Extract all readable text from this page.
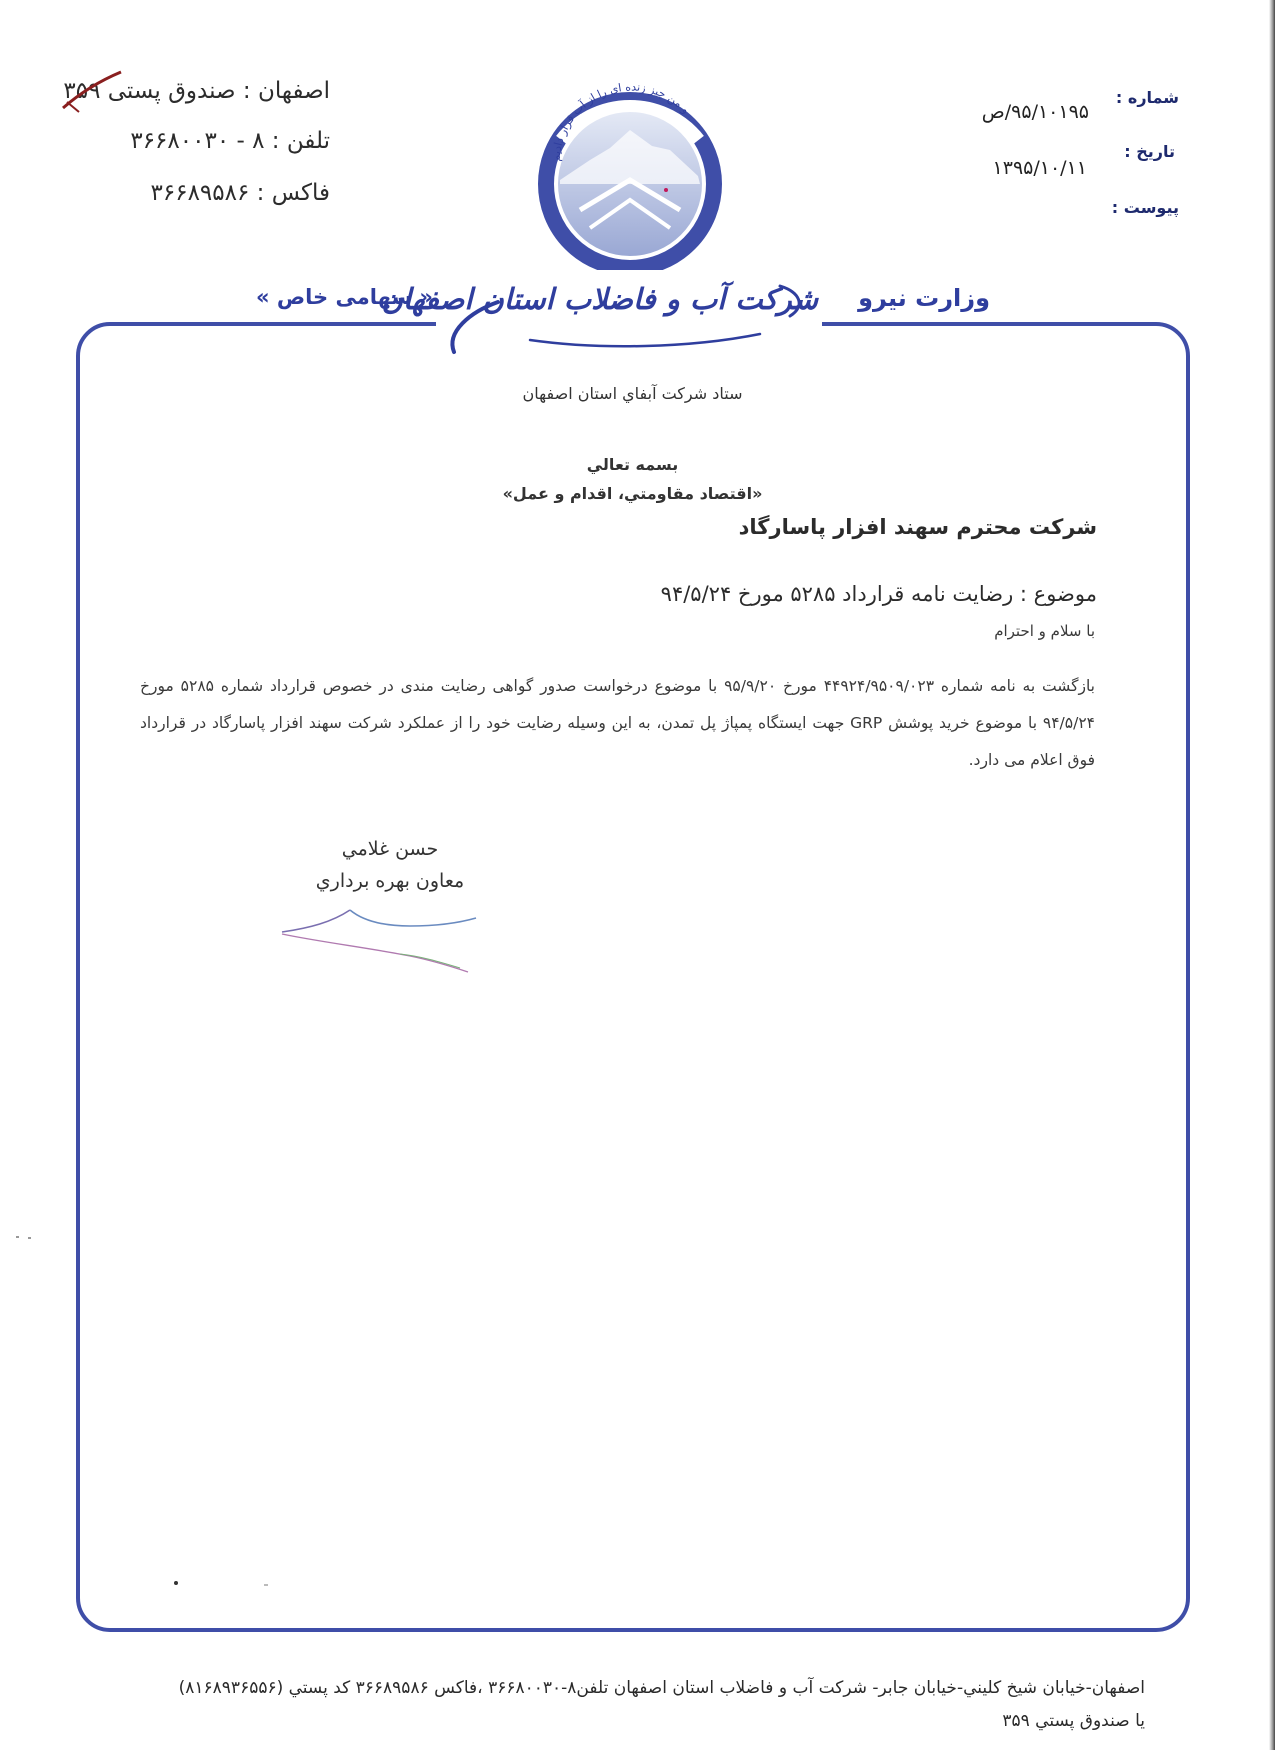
اصفهان : صندوق پستی ۳۵۹
تلفن : ۸ - ۳۶۶۸۰۰۳۰
فاکس : ۳۶۶۸۹۵۸۶
و من چیز زنده ای را از آب قرار دادیم
شماره :
تاریخ :
پیوست :
۹۵/۱۰۱۹۵/ص
۱۳۹۵/۱۰/۱۱
وزارت نیرو
« سهامی خاص »
شرکت آب و فاضلاب استان اصفهان
ستاد شركت آبفاي استان اصفهان
بسمه تعالي
«اقتصاد مقاومتي، اقدام و عمل»
شركت محترم سهند افزار پاسارگاد
موضوع : رضایت نامه قرارداد ۵۲۸۵ مورخ ۹۴/۵/۲۴
با سلام و احترام
بازگشت به نامه شماره ۴۴۹۲۴/۹۵۰۹/۰۲۳ مورخ ۹۵/۹/۲۰ با موضوع درخواست صدور گواهی رضایت مندی در خصوص قرارداد شماره ۵۲۸۵ مورخ ۹۴/۵/۲۴ با موضوع خرید پوشش GRP جهت ایستگاه پمپاژ پل تمدن، به این وسیله رضایت خود را از عملکرد شرکت سهند افزار پاسارگاد در قرارداد فوق اعلام می دارد.
حسن غلامي
معاون بهره برداري
اصفهان-خيابان شيخ كليني-خيابان جابر- شركت آب و فاضلاب استان اصفهان تلفن۸-۳۶۶۸۰۰۳۰ ،فاكس ۳۶۶۸۹۵۸۶ كد پستي (۸۱۶۸۹۳۶۵۵۶)
يا صندوق پستي ۳۵۹
